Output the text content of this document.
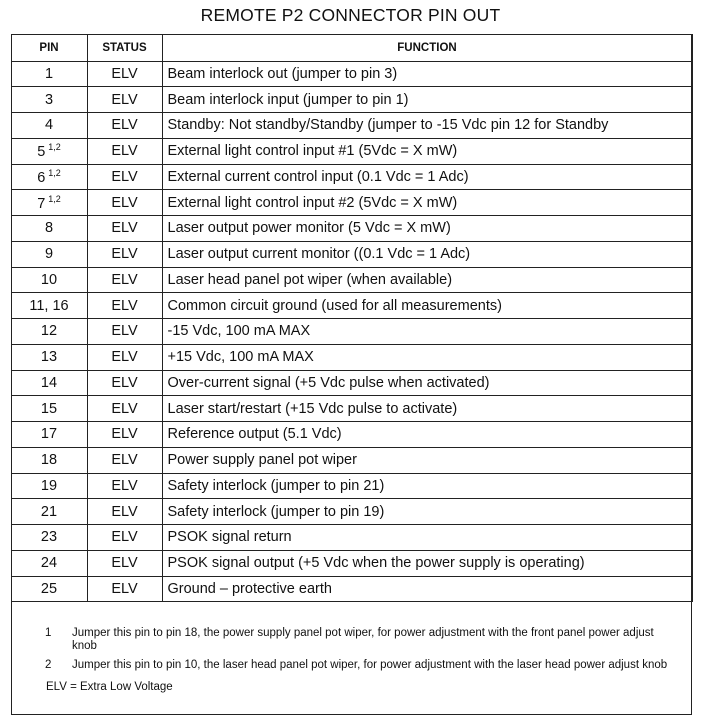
REMOTE P2 CONNECTOR PIN OUT
PIN	STATUS	FUNCTION
1	ELV	Beam interlock out (jumper to pin 3)
3	ELV	Beam interlock input (jumper to pin 1)
4	ELV	Standby: Not standby/Standby (jumper to -15 Vdc pin 12 for Standby
5 $^{1,2}$	ELV	External light control input #1 (5Vdc = X mW)
6 $^{1,2}$	ELV	External current control input (0.1 Vdc = 1 Adc)
7 $^{1,2}$	ELV	External light control input #2 (5Vdc = X mW)
8	ELV	Laser output power monitor (5 Vdc = X mW)
9	ELV	Laser output current monitor ((0.1 Vdc = 1 Adc)
10	ELV	Laser head panel pot wiper (when available)
11, 16	ELV	Common circuit ground (used for all measurements)
12	ELV	-15 Vdc, 100 mA MAX
13	ELV	+15 Vdc, 100 mA MAX
14	ELV	Over-current signal (+5 Vdc pulse when activated)
15	ELV	Laser start/restart (+15 Vdc pulse to activate)
17	ELV	Reference output (5.1 Vdc)
18	ELV	Power supply panel pot wiper
19	ELV	Safety interlock (jumper to pin 21)
21	ELV	Safety interlock (jumper to pin 19)
23	ELV	PSOK signal return
24	ELV	PSOK signal output (+5 Vdc when the power supply is operating)
25	ELV	Ground – protective earth
1 Jumper this pin to pin 18, the power supply panel pot wiper, for power adjustment with the front panel power adjust knob
2 Jumper this pin to pin 10, the laser head panel pot wiper, for power adjustment with the laser head power adjust knob
ELV = Extra Low Voltage
